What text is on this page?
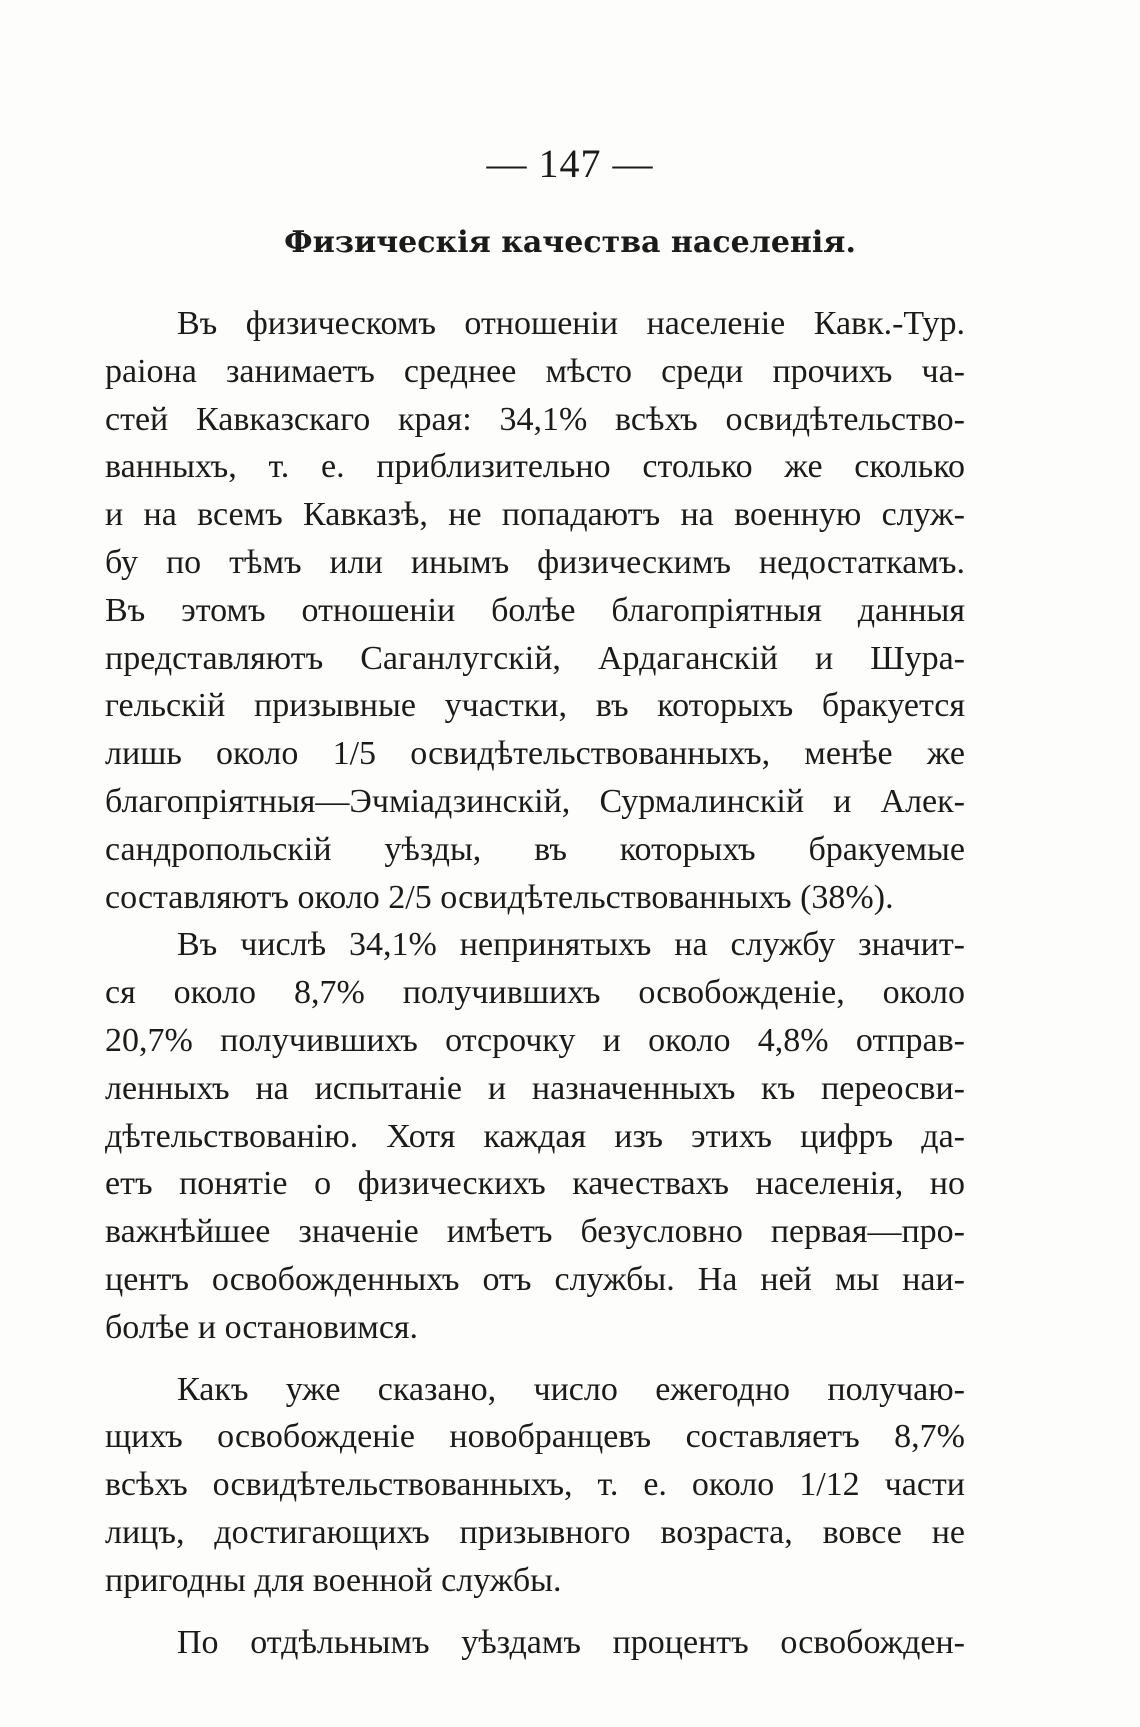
— 147 —
Физическія качества населенія.
Въ физическомъ отношеніи населеніе Кавк.-Тур.
раіона занимаетъ среднее мѣсто среди прочихъ ча-
стей Кавказскаго края: 34,1% всѣхъ освидѣтельство-
ванныхъ, т. е. приблизительно столько же сколько
и на всемъ Кавказѣ, не попадаютъ на военную служ-
бу по тѣмъ или инымъ физическимъ недостаткамъ.
Въ этомъ отношеніи болѣе благопріятныя данныя
представляютъ Саганлугскій, Ардаганскій и Шура-
гельскій призывные участки, въ которыхъ бракуется
лишь около 1/5 освидѣтельствованныхъ, менѣе же
благопріятныя—Эчміадзинскій, Сурмалинскій и Алек-
сандропольскій уѣзды, въ которыхъ бракуемые
составляютъ около 2/5 освидѣтельствованныхъ (38%).
Въ числѣ 34,1% непринятыхъ на службу значит-
ся около 8,7% получившихъ освобожденіе, около
20,7% получившихъ отсрочку и около 4,8% отправ-
ленныхъ на испытаніе и назначенныхъ къ переосви-
дѣтельствованію. Хотя каждая изъ этихъ цифръ да-
етъ понятіе о физическихъ качествахъ населенія, но
важнѣйшее значеніе имѣетъ безусловно первая—про-
центъ освобожденныхъ отъ службы. На ней мы наи-
болѣе и остановимся.
Какъ уже сказано, число ежегодно получаю-
щихъ освобожденіе новобранцевъ составляетъ 8,7%
всѣхъ освидѣтельствованныхъ, т. е. около 1/12 части
лицъ, достигающихъ призывного возраста, вовсе не
пригодны для военной службы.
По отдѣльнымъ уѣздамъ процентъ освобожден-
